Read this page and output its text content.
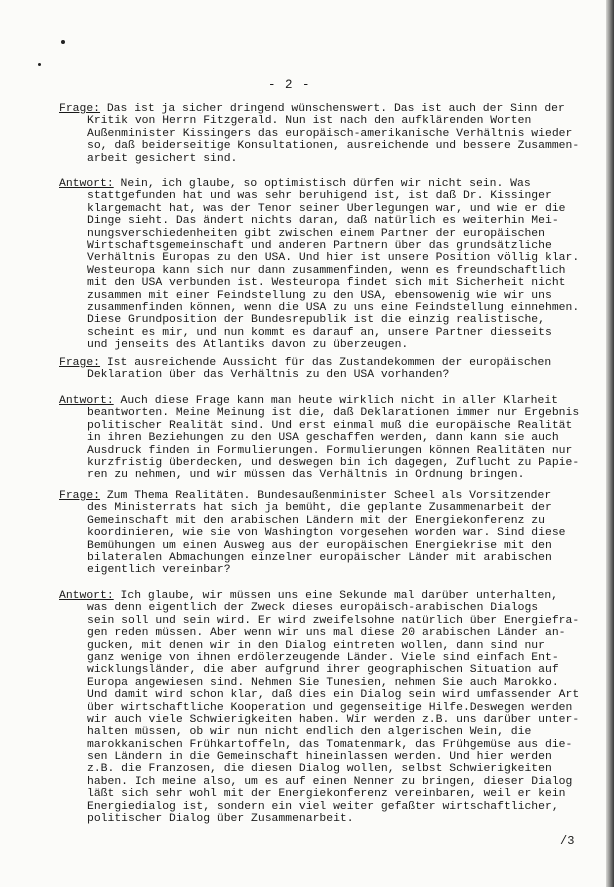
- 2 -
Frage: Das ist ja sicher dringend wünschenswert. Das ist auch der Sinn der
Kritik von Herrn Fitzgerald. Nun ist nach den aufklärenden Worten
Außenminister Kissingers das europäisch-amerikanische Verhältnis wieder
so, daß beiderseitige Konsultationen, ausreichende und bessere Zusammen-
arbeit gesichert sind.
Antwort: Nein, ich glaube, so optimistisch dürfen wir nicht sein. Was
stattgefunden hat und was sehr beruhigend ist, ist daß Dr. Kissinger
klargemacht hat, was der Tenor seiner Überlegungen war, und wie er die
Dinge sieht. Das ändert nichts daran, daß natürlich es weiterhin Mei-
nungsverschiedenheiten gibt zwischen einem Partner der europäischen
Wirtschaftsgemeinschaft und anderen Partnern über das grundsätzliche
Verhältnis Europas zu den USA. Und hier ist unsere Position völlig klar.
Westeuropa kann sich nur dann zusammenfinden, wenn es freundschaftlich
mit den USA verbunden ist. Westeuropa findet sich mit Sicherheit nicht
zusammen mit einer Feindstellung zu den USA, ebensowenig wie wir uns
zusammenfinden können, wenn die USA zu uns eine Feindstellung einnehmen.
Diese Grundposition der Bundesrepublik ist die einzig realistische,
scheint es mir, und nun kommt es darauf an, unsere Partner diesseits
und jenseits des Atlantiks davon zu überzeugen.
Frage: Ist ausreichende Aussicht für das Zustandekommen der europäischen
Deklaration über das Verhältnis zu den USA vorhanden?
Antwort: Auch diese Frage kann man heute wirklich nicht in aller Klarheit
beantworten. Meine Meinung ist die, daß Deklarationen immer nur Ergebnis
politischer Realität sind. Und erst einmal muß die europäische Realität
in ihren Beziehungen zu den USA geschaffen werden, dann kann sie auch
Ausdruck finden in Formulierungen. Formulierungen können Realitäten nur
kurzfristig überdecken, und deswegen bin ich dagegen, Zuflucht zu Papie-
ren zu nehmen, und wir müssen das Verhältnis in Ordnung bringen.
Frage: Zum Thema Realitäten. Bundesaußenminister Scheel als Vorsitzender
des Ministerrats hat sich ja bemüht, die geplante Zusammenarbeit der
Gemeinschaft mit den arabischen Ländern mit der Energiekonferenz zu
koordinieren, wie sie von Washington vorgesehen worden war. Sind diese
Bemühungen um einen Ausweg aus der europäischen Energiekrise mit den
bilateralen Abmachungen einzelner europäischer Länder mit arabischen
eigentlich vereinbar?
Antwort: Ich glaube, wir müssen uns eine Sekunde mal darüber unterhalten,
was denn eigentlich der Zweck dieses europäisch-arabischen Dialogs
sein soll und sein wird. Er wird zweifelsohne natürlich über Energiefra-
gen reden müssen. Aber wenn wir uns mal diese 20 arabischen Länder an-
gucken, mit denen wir in den Dialog eintreten wollen, dann sind nur
ganz wenige von ihnen erdölerzeugende Länder. Viele sind einfach Ent-
wicklungsländer, die aber aufgrund ihrer geographischen Situation auf
Europa angewiesen sind. Nehmen Sie Tunesien, nehmen Sie auch Marokko.
Und damit wird schon klar, daß dies ein Dialog sein wird umfassender Art
über wirtschaftliche Kooperation und gegenseitige Hilfe.Deswegen werden
wir auch viele Schwierigkeiten haben. Wir werden z.B. uns darüber unter-
halten müssen, ob wir nun nicht endlich den algerischen Wein, die
marokkanischen Frühkartoffeln, das Tomatenmark, das Frühgemüse aus die-
sen Ländern in die Gemeinschaft hineinlassen werden. Und hier werden
z.B. die Franzosen, die diesen Dialog wollen, selbst Schwierigkeiten
haben. Ich meine also, um es auf einen Nenner zu bringen, dieser Dialog
läßt sich sehr wohl mit der Energiekonferenz vereinbaren, weil er kein
Energiedialog ist, sondern ein viel weiter gefaßter wirtschaftlicher,
politischer Dialog über Zusammenarbeit.
/3
